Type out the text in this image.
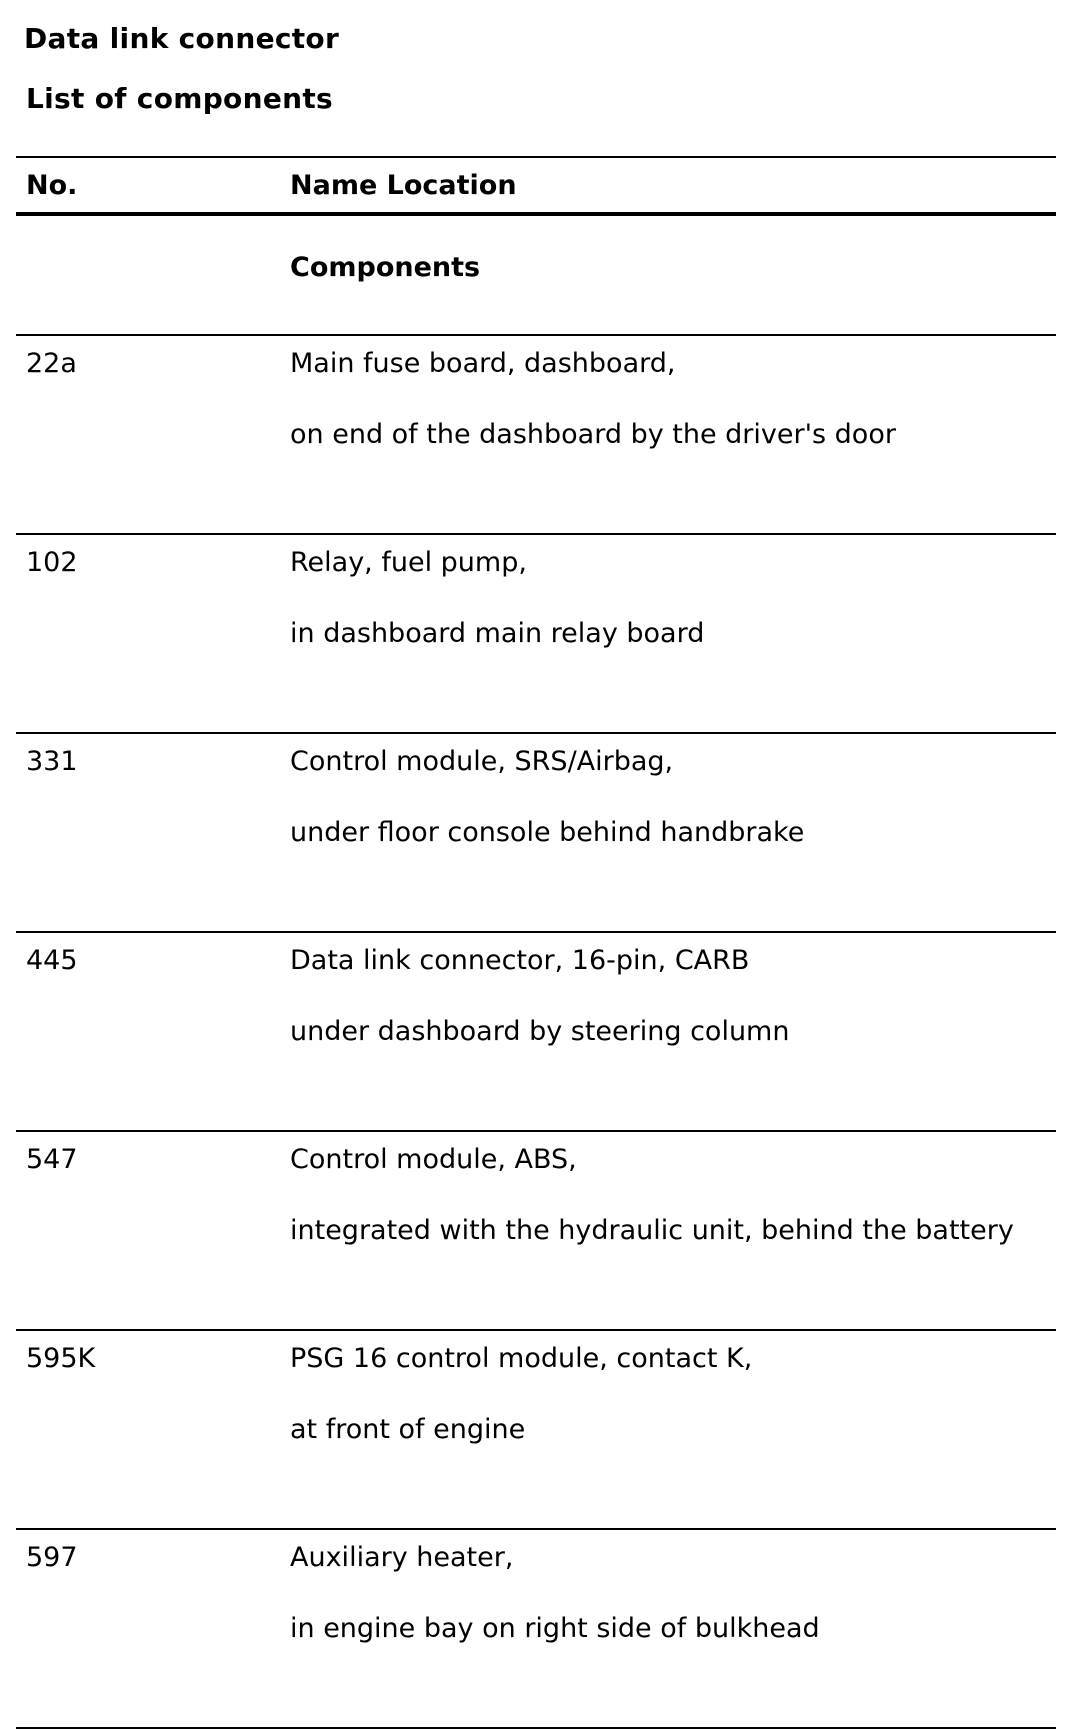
Data link connector
List of components
No.	Name Location
Components
22a	Main fuse board, dashboard,
on end of the dashboard by the driver's door
102	Relay, fuel pump,
in dashboard main relay board
331	Control module, SRS/Airbag,
under floor console behind handbrake
445	Data link connector, 16-pin, CARB
under dashboard by steering column
547	Control module, ABS,
integrated with the hydraulic unit, behind the battery
595K	PSG 16 control module, contact K,
at front of engine
597	Auxiliary heater,
in engine bay on right side of bulkhead
